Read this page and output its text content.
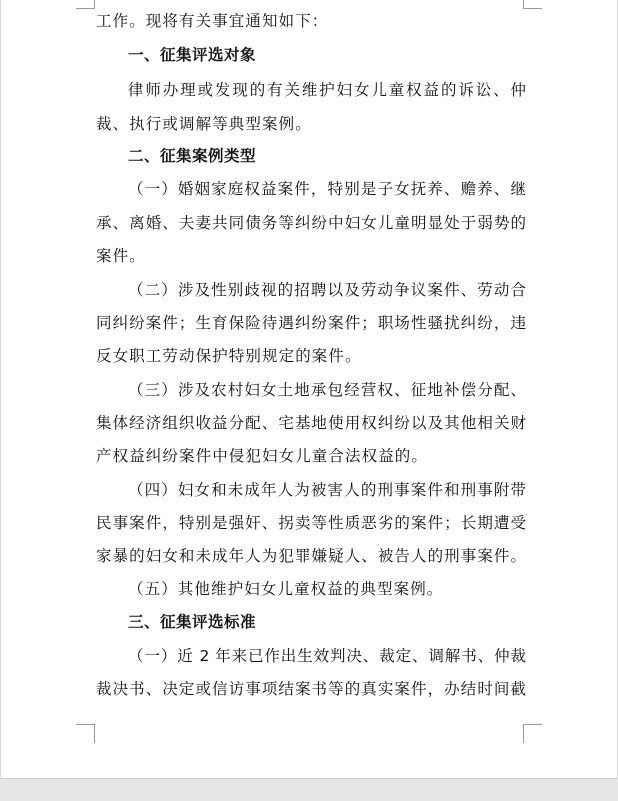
工作。现将有关事宜通知如下：
一、征集评选对象
律师办理或发现的有关维护妇女儿童权益的诉讼、仲
裁、执行或调解等典型案例。
二、征集案例类型
（一）婚姻家庭权益案件，特别是子女抚养、赡养、继
承、离婚、夫妻共同债务等纠纷中妇女儿童明显处于弱势的
案件。
（二）涉及性别歧视的招聘以及劳动争议案件、劳动合
同纠纷案件；生育保险待遇纠纷案件；职场性骚扰纠纷，违
反女职工劳动保护特别规定的案件。
（三）涉及农村妇女土地承包经营权、征地补偿分配、
集体经济组织收益分配、宅基地使用权纠纷以及其他相关财
产权益纠纷案件中侵犯妇女儿童合法权益的。
（四）妇女和未成年人为被害人的刑事案件和刑事附带
民事案件，特别是强奸、拐卖等性质恶劣的案件；长期遭受
家暴的妇女和未成年人为犯罪嫌疑人、被告人的刑事案件。
（五）其他维护妇女儿童权益的典型案例。
三、征集评选标准
（一）近 2 年来已作出生效判决、裁定、调解书、仲裁
裁决书、决定或信访事项结案书等的真实案件，办结时间截
